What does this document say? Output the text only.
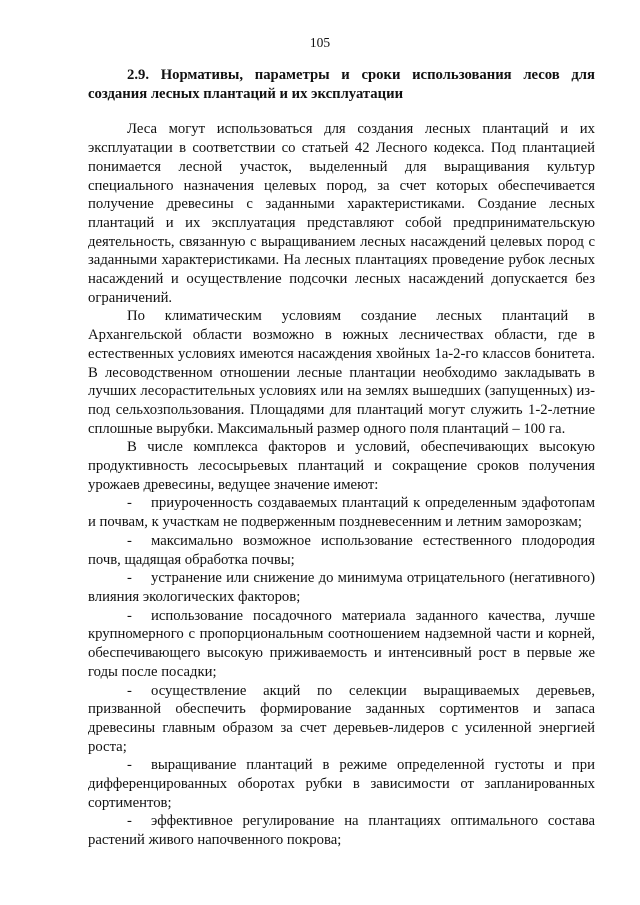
105

2.9. Нормативы, параметры и сроки использования лесов для создания лесных плантаций и их эксплуатации

Леса могут использоваться для создания лесных плантаций и их эксплуатации в соответствии со статьей 42 Лесного кодекса. Под плантацией понимается лесной участок, выделенный для выращивания культур специального назначения целевых пород, за счет которых обеспечивается получение древесины с заданными характеристиками. Создание лесных плантаций и их эксплуатация представляют собой предпринимательскую деятельность, связанную с выращиванием лесных насаждений целевых пород с заданными характеристиками. На лесных плантациях проведение рубок лесных насаждений и осуществление подсочки лесных насаждений допускается без ограничений.

По климатическим условиям создание лесных плантаций в Архангельской области возможно в южных лесничествах области, где в естественных условиях имеются насаждения хвойных 1а-2-го классов бонитета. В лесоводственном отношении лесные плантации необходимо закладывать в лучших лесорастительных условиях или на землях вышедших (запущенных) из-под сельхозпользования. Площадями для плантаций могут служить 1-2-летние сплошные вырубки. Максимальный размер одного поля плантаций – 100 га.

В числе комплекса факторов и условий, обеспечивающих высокую продуктивность лесосырьевых плантаций и сокращение сроков получения урожаев древесины, ведущее значение имеют:

- приуроченность создаваемых плантаций к определенным эдафотопам и почвам, к участкам не подверженным поздневесенним и летним заморозкам;

- максимально возможное использование естественного плодородия почв, щадящая обработка почвы;

- устранение или снижение до минимума отрицательного (негативного) влияния экологических факторов;

- использование посадочного материала заданного качества, лучше крупномерного с пропорциональным соотношением надземной части и корней, обеспечивающего высокую приживаемость и интенсивный рост в первые же годы после посадки;

- осуществление акций по селекции выращиваемых деревьев, призванной обеспечить формирование заданных сортиментов и запаса древесины главным образом за счет деревьев-лидеров с усиленной энергией роста;

- выращивание плантаций в режиме определенной густоты и при дифференцированных оборотах рубки в зависимости от запланированных сортиментов;

- эффективное регулирование на плантациях оптимального состава растений живого напочвенного покрова;
